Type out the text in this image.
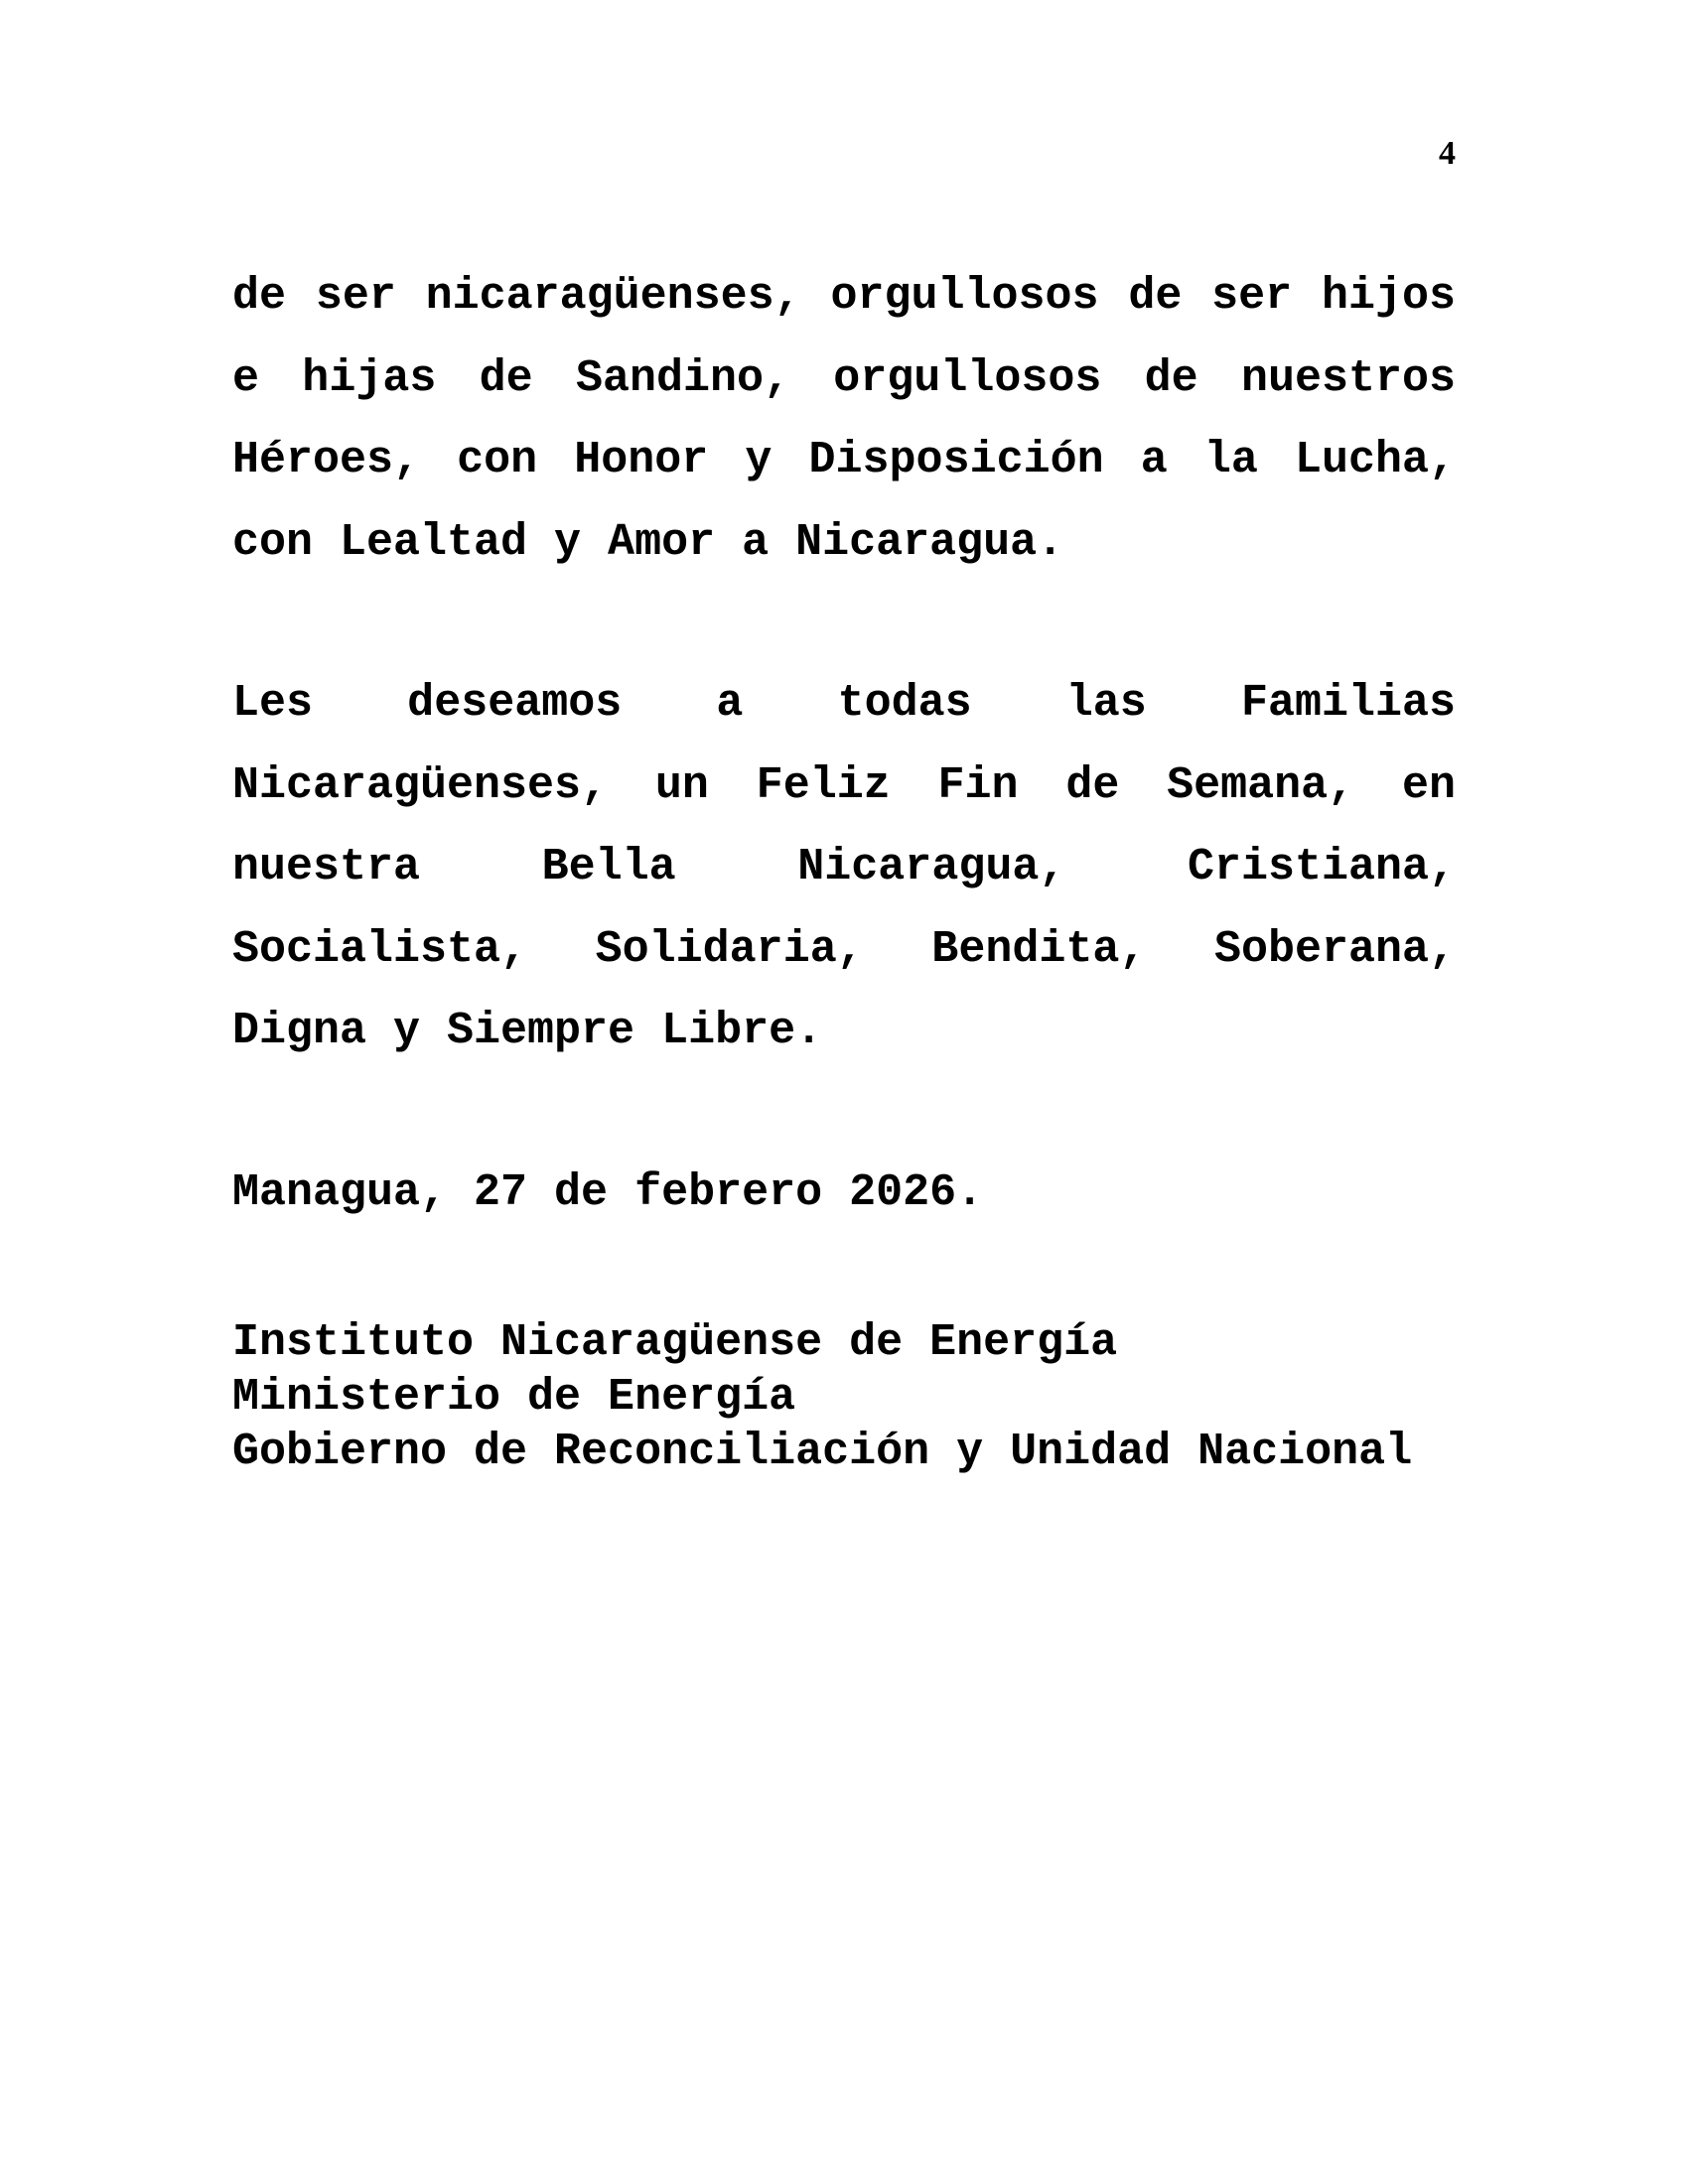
4

de ser nicaragüenses, orgullosos de ser hijos e hijas de Sandino, orgullosos de nuestros Héroes, con Honor y Disposición a la Lucha, con Lealtad y Amor a Nicaragua.

Les deseamos a todas las Familias Nicaragüenses, un Feliz Fin de Semana, en nuestra Bella Nicaragua, Cristiana, Socialista, Solidaria, Bendita, Soberana, Digna y Siempre Libre.

Managua, 27 de febrero 2026.

Instituto Nicaragüense de Energía
Ministerio de Energía
Gobierno de Reconciliación y Unidad Nacional
